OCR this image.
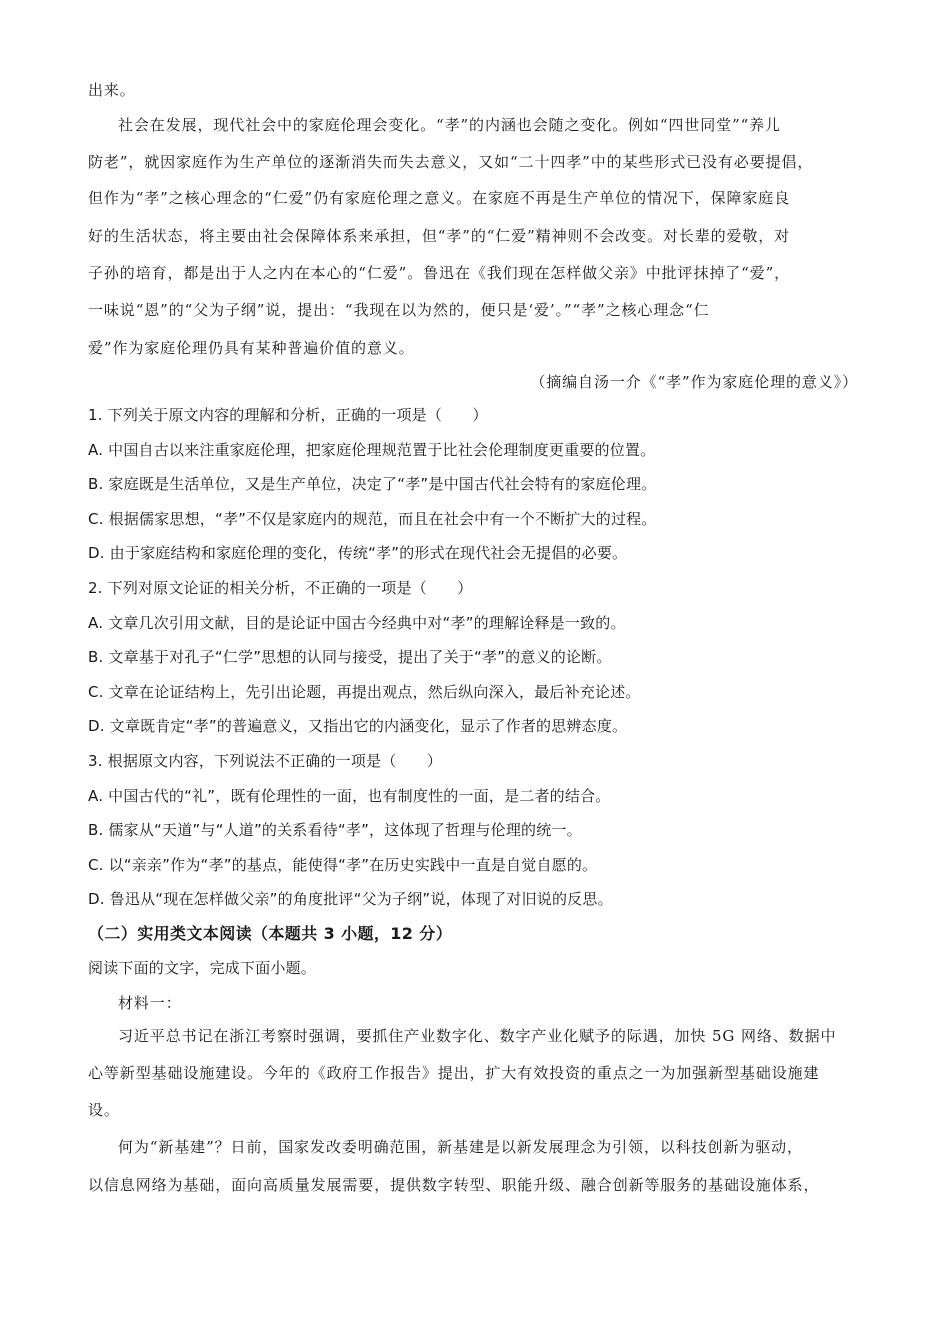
出来。
社会在发展，现代社会中的家庭伦理会变化。“孝”的内涵也会随之变化。例如“四世同堂”“养儿
防老”，就因家庭作为生产单位的逐渐消失而失去意义，又如“二十四孝”中的某些形式已没有必要提倡，
但作为“孝”之核心理念的“仁爱”仍有家庭伦理之意义。在家庭不再是生产单位的情况下，保障家庭良
好的生活状态，将主要由社会保障体系来承担，但“孝”的“仁爱”精神则不会改变。对长辈的爱敬，对
子孙的培育，都是出于人之内在本心的“仁爱”。鲁迅在《我们现在怎样做父亲》中批评抹掉了“爱”，
一味说“恩”的“父为子纲”说，提出：“我现在以为然的，便只是‘爱’。”“孝”之核心理念“仁
爱”作为家庭伦理仍具有某种普遍价值的意义。
（摘编自汤一介《“孝”作为家庭伦理的意义》）
1. 下列关于原文内容的理解和分析，正确的一项是（　　）
A. 中国自古以来注重家庭伦理，把家庭伦理规范置于比社会伦理制度更重要的位置。
B. 家庭既是生活单位，又是生产单位，决定了“孝”是中国古代社会特有的家庭伦理。
C. 根据儒家思想，“孝”不仅是家庭内的规范，而且在社会中有一个不断扩大的过程。
D. 由于家庭结构和家庭伦理的变化，传统“孝”的形式在现代社会无提倡的必要。
2. 下列对原文论证的相关分析，不正确的一项是（　　）
A. 文章几次引用文献，目的是论证中国古今经典中对“孝”的理解诠释是一致的。
B. 文章基于对孔子“仁学”思想的认同与接受，提出了关于“孝”的意义的论断。
C. 文章在论证结构上，先引出论题，再提出观点，然后纵向深入，最后补充论述。
D. 文章既肯定“孝”的普遍意义，又指出它的内涵变化，显示了作者的思辨态度。
3. 根据原文内容，下列说法不正确的一项是（　　）
A. 中国古代的“礼”，既有伦理性的一面，也有制度性的一面，是二者的结合。
B. 儒家从“天道”与“人道”的关系看待“孝”，这体现了哲理与伦理的统一。
C. 以“亲亲”作为“孝”的基点，能使得“孝”在历史实践中一直是自觉自愿的。
D. 鲁迅从“现在怎样做父亲”的角度批评“父为子纲”说，体现了对旧说的反思。
（二）实用类文本阅读（本题共 3 小题，12 分）
阅读下面的文字，完成下面小题。
材料一：
习近平总书记在浙江考察时强调，要抓住产业数字化、数字产业化赋予的际遇，加快 5G 网络、数据中
心等新型基础设施建设。今年的《政府工作报告》提出，扩大有效投资的重点之一为加强新型基础设施建
设。
何为“新基建”？日前，国家发改委明确范围，新基建是以新发展理念为引领，以科技创新为驱动，
以信息网络为基础，面向高质量发展需要，提供数字转型、职能升级、融合创新等服务的基础设施体系，
